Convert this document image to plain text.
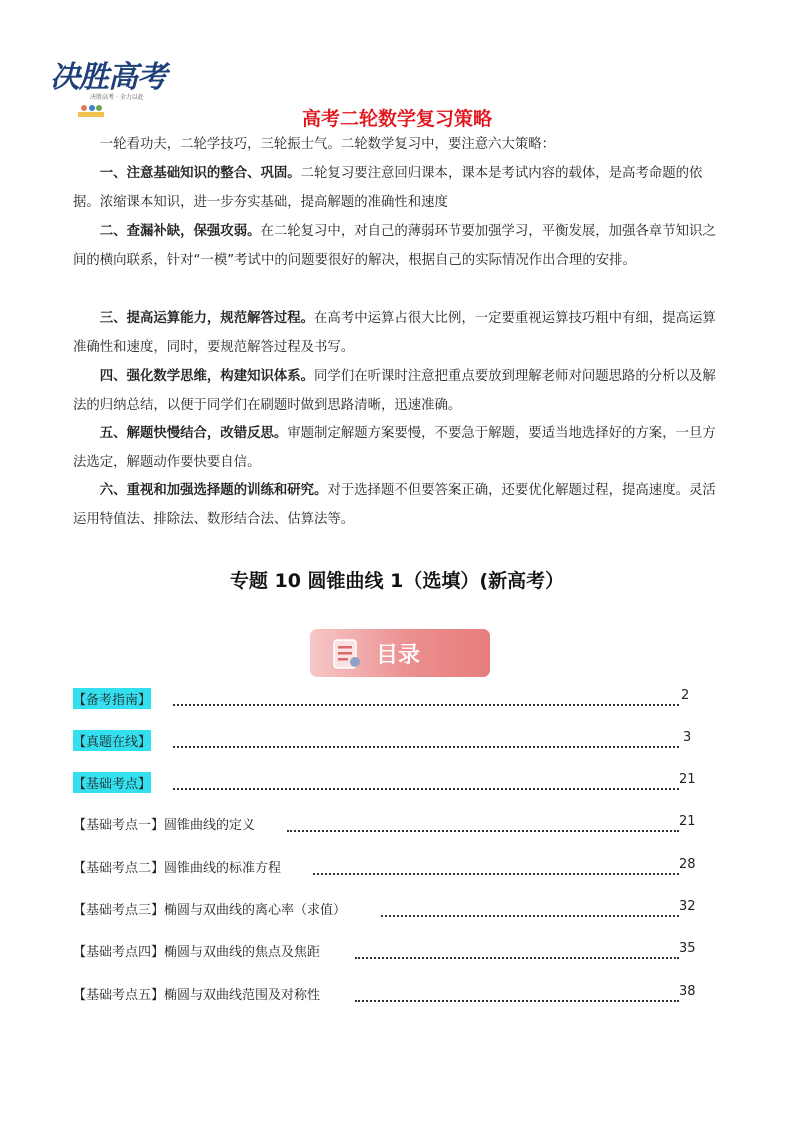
决胜高考
决胜高考 · 全力以赴
高考二轮数学复习策略

一轮看功夫，二轮学技巧，三轮振士气。二轮数学复习中，要注意六大策略：

一、注意基础知识的整合、巩固。二轮复习要注意回归课本，课本是考试内容的载体，是高考命题的依据。浓缩课本知识，进一步夯实基础，提高解题的准确性和速度

二、查漏补缺，保强攻弱。在二轮复习中，对自己的薄弱环节要加强学习，平衡发展，加强各章节知识之间的横向联系，针对“一模”考试中的问题要很好的解决，根据自己的实际情况作出合理的安排。

三、提高运算能力，规范解答过程。在高考中运算占很大比例，一定要重视运算技巧粗中有细，提高运算准确性和速度，同时，要规范解答过程及书写。

四、强化数学思维，构建知识体系。同学们在听课时注意把重点要放到理解老师对问题思路的分析以及解法的归纳总结，以便于同学们在刷题时做到思路清晰，迅速准确。

五、解题快慢结合，改错反思。审题制定解题方案要慢，不要急于解题，要适当地选择好的方案，一旦方法选定，解题动作要快要自信。

六、重视和加强选择题的训练和研究。对于选择题不但要答案正确，还要优化解题过程，提高速度。灵活运用特值法、排除法、数形结合法、估算法等。

专题 10 圆锥曲线 1（选填）(新高考）
目录
【备考指南】	2
【真题在线】	3
【基础考点】	21
【基础考点一】圆锥曲线的定义	21
【基础考点二】圆锥曲线的标准方程	28
【基础考点三】椭圆与双曲线的离心率（求值）	32
【基础考点四】椭圆与双曲线的焦点及焦距	35
【基础考点五】椭圆与双曲线范围及对称性	38
